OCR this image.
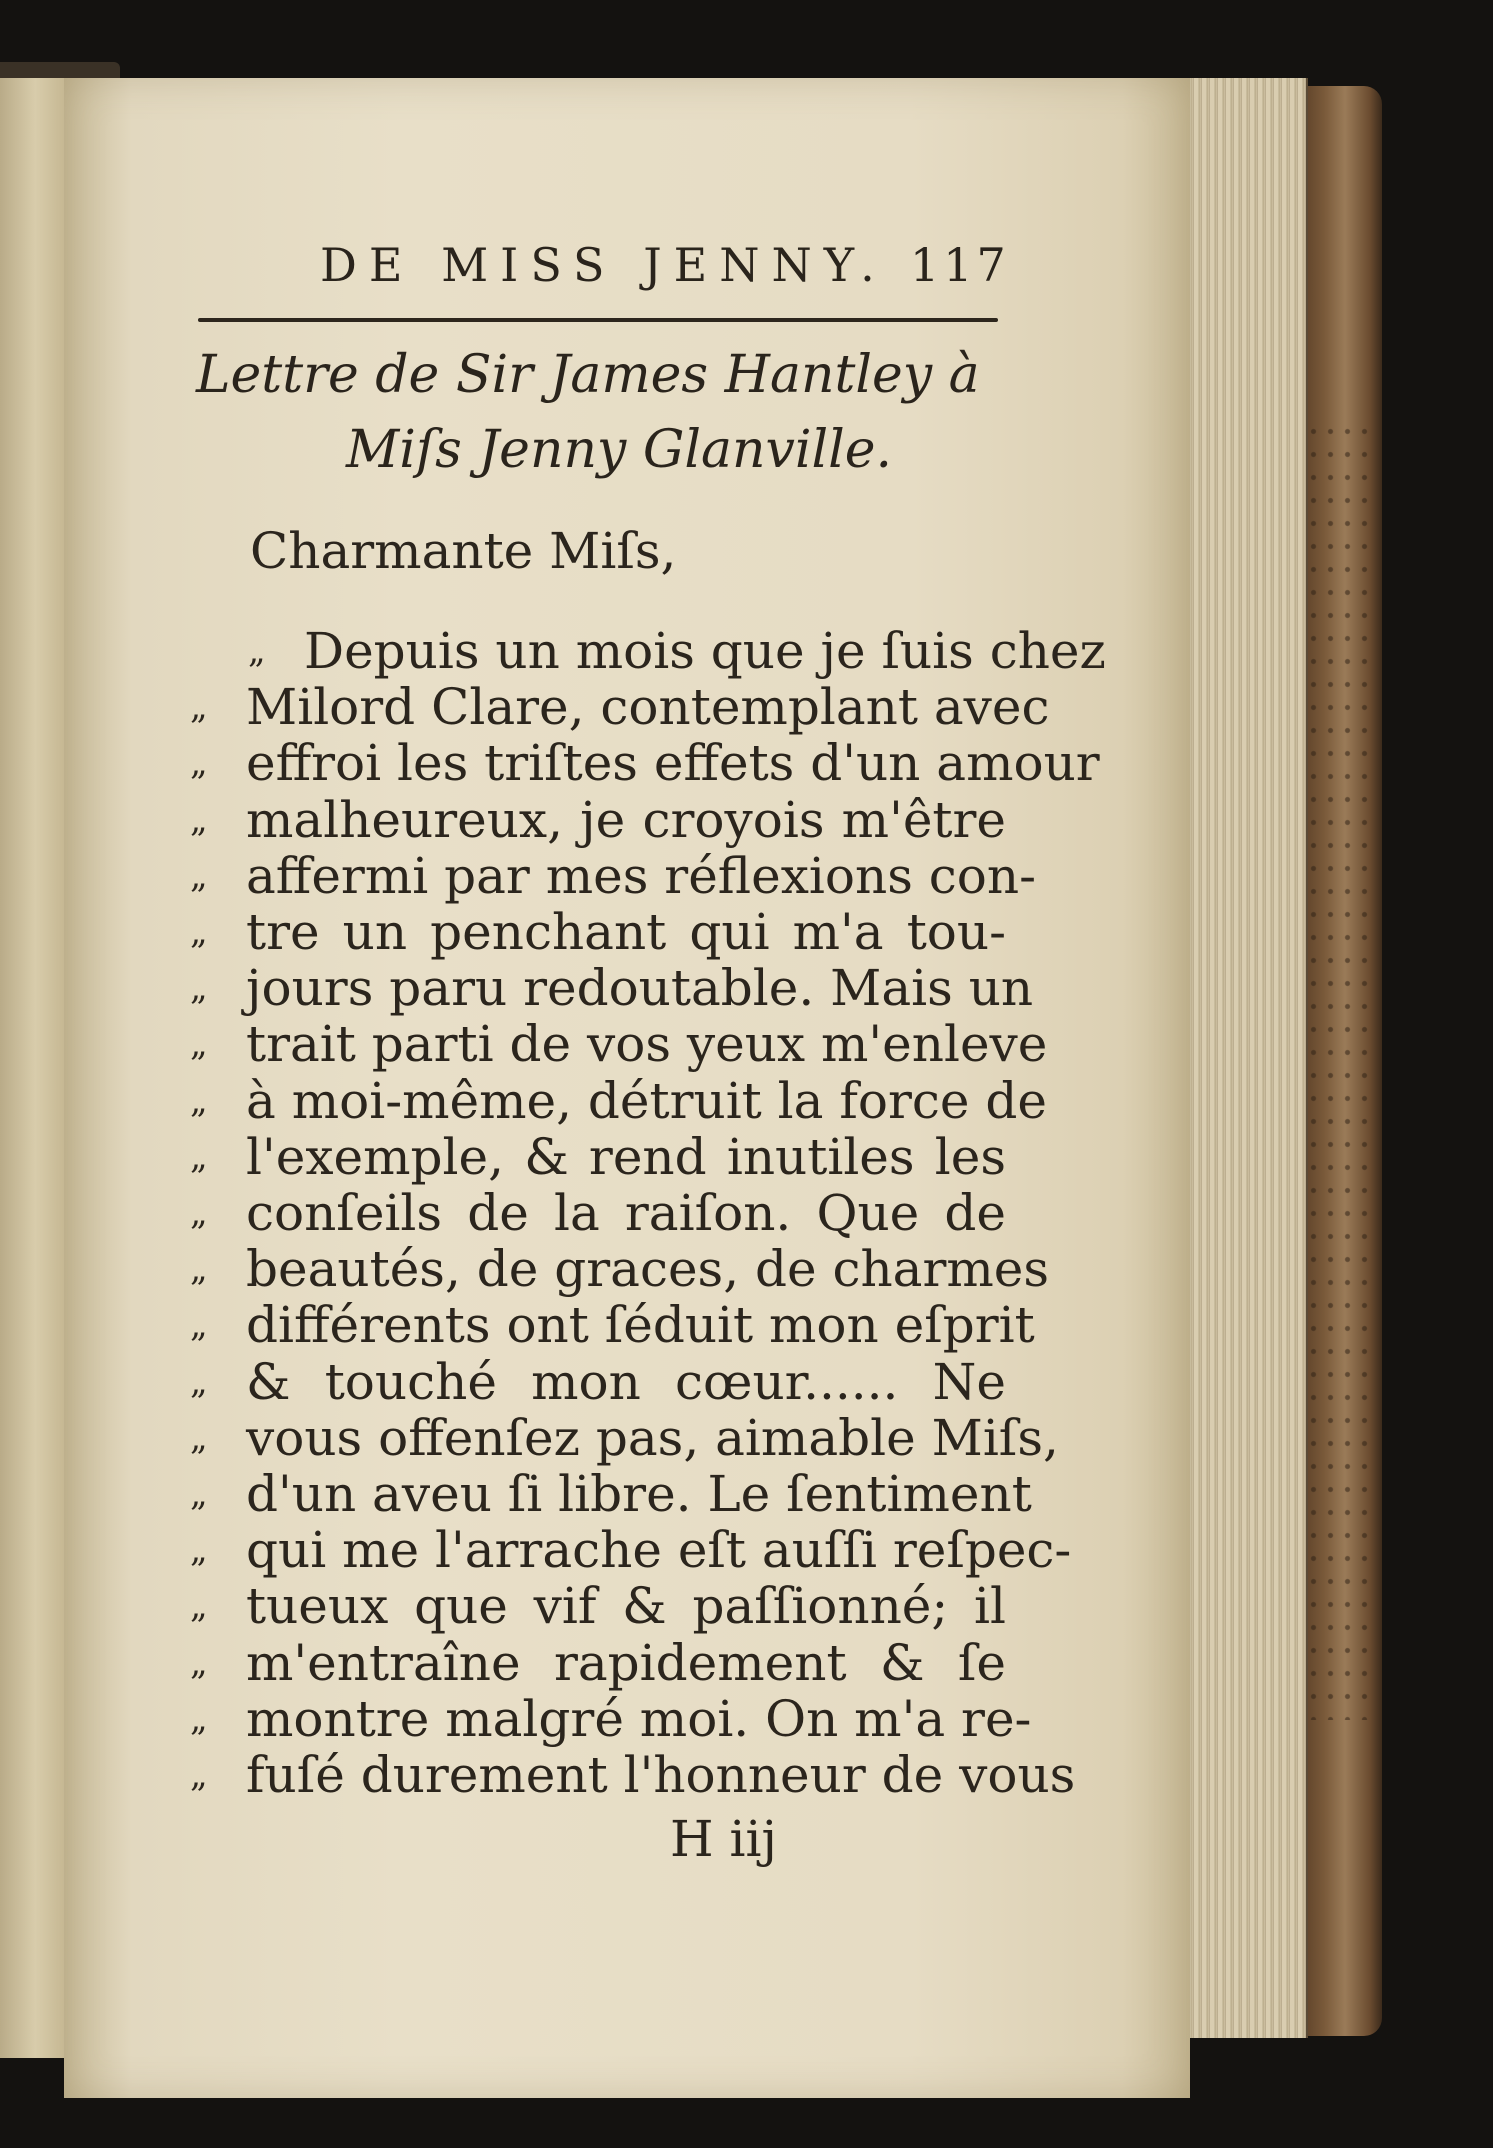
DE MISS JENNY. 117
Lettre de Sir James Hantley à
Miſs Jenny Glanville.
Charmante Miſs,
„ Depuis un mois que je ſuis chez
„ Milord Clare, contemplant avec
„ effroi les triſtes effets d'un amour
„ malheureux, je croyois m'être
„ affermi par mes réflexions con-
„ tre un penchant qui m'a tou-
„ jours paru redoutable. Mais un
„ trait parti de vos yeux m'enleve
„ à moi-même, détruit la force de
„ l'exemple, & rend inutiles les
„ conſeils de la raiſon. Que de
„ beautés, de graces, de charmes
„ différents ont ſéduit mon eſprit
„ & touché mon cœur...... Ne
„ vous offenſez pas, aimable Miſs,
„ d'un aveu ſi libre. Le ſentiment
„ qui me l'arrache eſt auſſi reſpec-
„ tueux que vif & paſſionné; il
„ m'entraîne rapidement & ſe
„ montre malgré moi. On m'a re-
„ fuſé durement l'honneur de vous
H iij
